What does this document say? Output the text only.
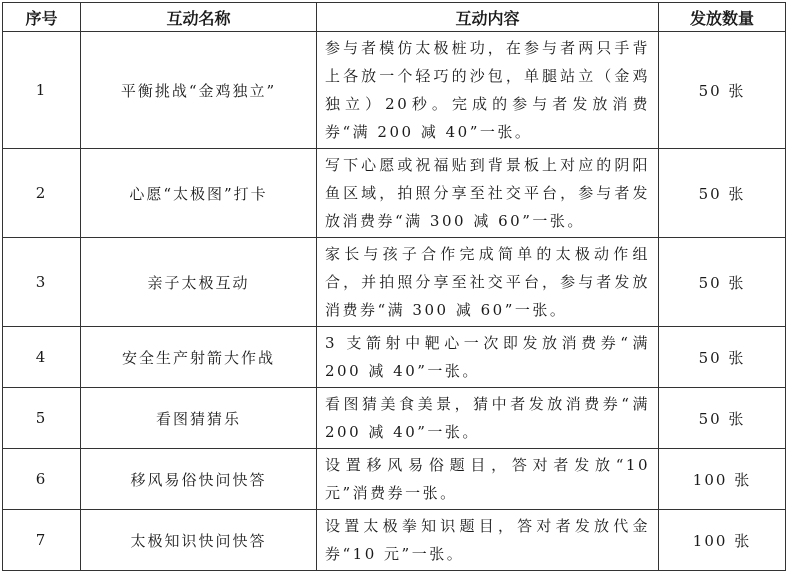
序号	互动名称	互动内容	发放数量
1	平衡挑战“金鸡独立”	参与者模仿太极桩功，在参与者两只手背上各放一个轻巧的沙包，单腿站立（金鸡独立）20秒。完成的参与者发放消费券“满 200 减 40”一张。	50 张
2	心愿“太极图”打卡	写下心愿或祝福贴到背景板上对应的阴阳鱼区域，拍照分享至社交平台，参与者发放消费券“满 300 减 60”一张。	50 张
3	亲子太极互动	家长与孩子合作完成简单的太极动作组合，并拍照分享至社交平台，参与者发放消费券“满 300 减 60”一张。	50 张
4	安全生产射箭大作战	3 支箭射中靶心一次即发放消费券“满 200 减 40”一张。	50 张
5	看图猜猜乐	看图猜美食美景，猜中者发放消费券“满 200 减 40”一张。	50 张
6	移风易俗快问快答	设置移风易俗题目，答对者发放“10 元”消费券一张。	100 张
7	太极知识快问快答	设置太极拳知识题目，答对者发放代金券“10 元”一张。	100 张
